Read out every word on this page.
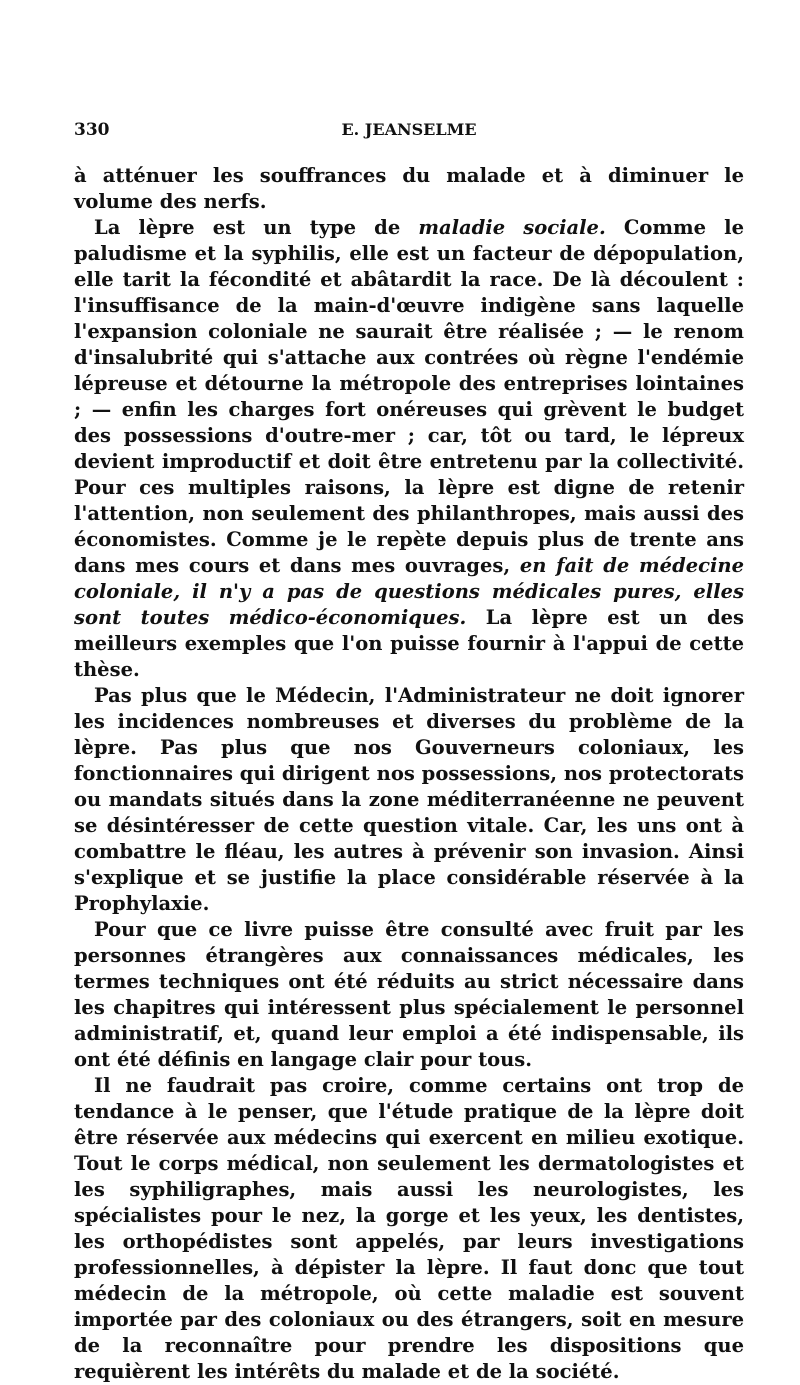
330	E. JEANSELME

à atténuer les souffrances du malade et à diminuer le volume des nerfs.

La lèpre est un type de maladie sociale. Comme le paludisme et la syphilis, elle est un facteur de dépopulation, elle tarit la fécondité et abâtardit la race. De là découlent : l'insuffisance de la main-d'œuvre indigène sans laquelle l'expansion coloniale ne saurait être réalisée ; — le renom d'insalubrité qui s'attache aux contrées où règne l'endémie lépreuse et détourne la métropole des entreprises lointaines ; — enfin les charges fort onéreuses qui grèvent le budget des possessions d'outre-mer ; car, tôt ou tard, le lépreux devient improductif et doit être entretenu par la collectivité. Pour ces multiples raisons, la lèpre est digne de retenir l'attention, non seulement des philanthropes, mais aussi des économistes. Comme je le repète depuis plus de trente ans dans mes cours et dans mes ouvrages, en fait de médecine coloniale, il n'y a pas de questions médicales pures, elles sont toutes médico-économiques. La lèpre est un des meilleurs exemples que l'on puisse fournir à l'appui de cette thèse.

Pas plus que le Médecin, l'Administrateur ne doit ignorer les incidences nombreuses et diverses du problème de la lèpre. Pas plus que nos Gouverneurs coloniaux, les fonctionnaires qui dirigent nos possessions, nos protectorats ou mandats situés dans la zone méditerranéenne ne peuvent se désintéresser de cette question vitale. Car, les uns ont à combattre le fléau, les autres à prévenir son invasion. Ainsi s'explique et se justifie la place considérable réservée à la Prophylaxie.

Pour que ce livre puisse être consulté avec fruit par les personnes étrangères aux connaissances médicales, les termes techniques ont été réduits au strict nécessaire dans les chapitres qui intéressent plus spécialement le personnel administratif, et, quand leur emploi a été indispensable, ils ont été définis en langage clair pour tous.

Il ne faudrait pas croire, comme certains ont trop de tendance à le penser, que l'étude pratique de la lèpre doit être réservée aux médecins qui exercent en milieu exotique. Tout le corps médical, non seulement les dermatologistes et les syphiligraphes, mais aussi les neurologistes, les spécialistes pour le nez, la gorge et les yeux, les dentistes, les orthopédistes sont appelés, par leurs investigations professionnelles, à dépister la lèpre. Il faut donc que tout médecin de la métropole, où cette maladie est souvent importée par des coloniaux ou des étrangers, soit en mesure de la reconnaître pour prendre les dispositions que requièrent les intérêts du malade et de la société.
